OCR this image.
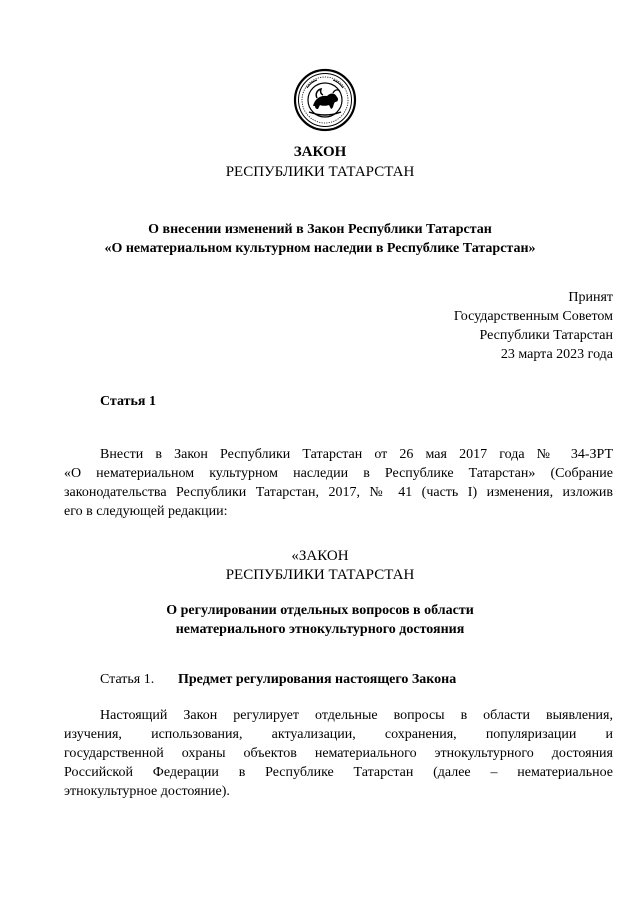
ЗАКОН
РЕСПУБЛИКИ ТАТАРСТАН
О внесении изменений в Закон Республики Татарстан
«О нематериальном культурном наследии в Республике Татарстан»
Принят
Государственным Советом
Республики Татарстан
23 марта 2023 года
Статья 1

Внести в Закон Республики Татарстан от 26 мая 2017 года № 34-ЗРТ
«О нематериальном культурном наследии в Республике Татарстан» (Собрание
законодательства Республики Татарстан, 2017, № 41 (часть I) изменения, изложив
его в следующей редакции:

«ЗАКОН
РЕСПУБЛИКИ ТАТАРСТАН
О регулировании отдельных вопросов в области
нематериального этнокультурного достояния
Статья 1. Предмет регулирования настоящего Закона

Настоящий Закон регулирует отдельные вопросы в области выявления,
изучения, использования, актуализации, сохранения, популяризации и
государственной охраны объектов нематериального этнокультурного достояния
Российской Федерации в Республике Татарстан (далее – нематериальное
этнокультурное достояние).
